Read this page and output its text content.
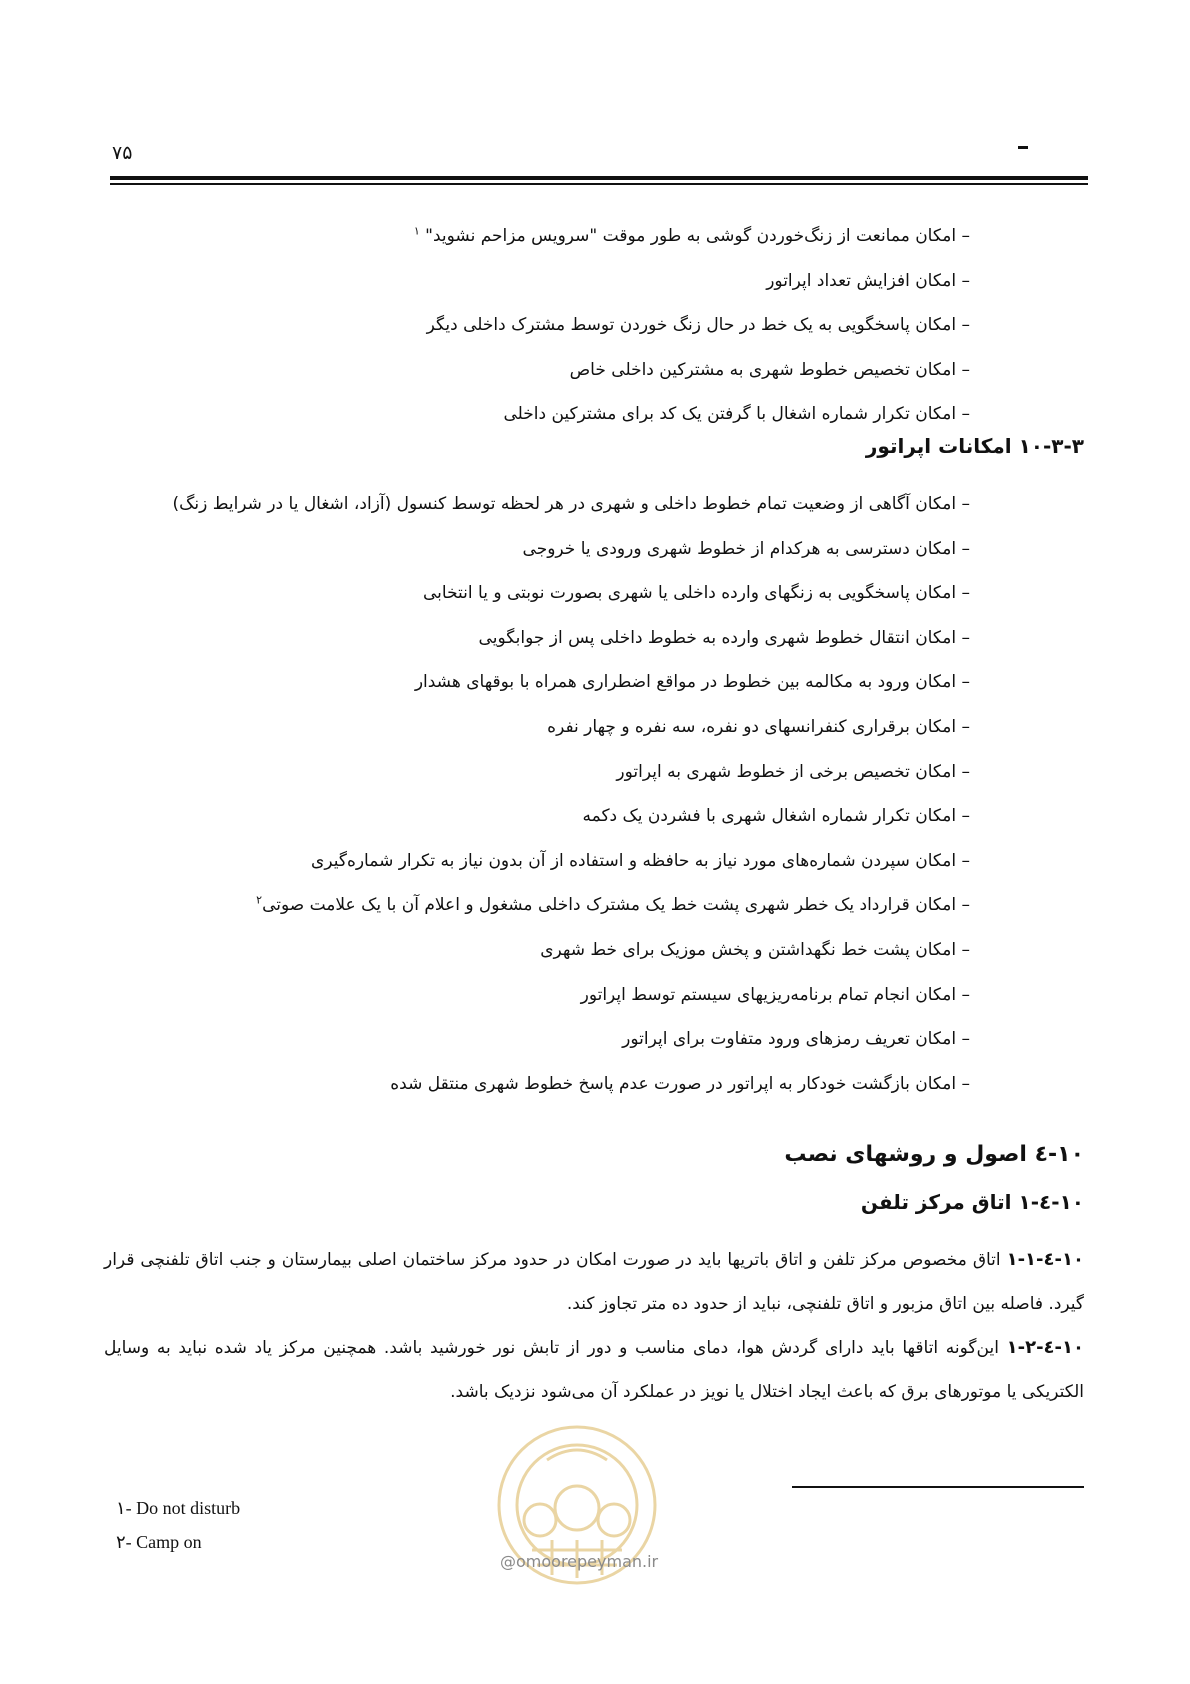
۷۵
– امکان ممانعت از زنگ‌خوردن گوشی به طور موقت "سرویس مزاحم نشوید" $^۱$
– امکان افزایش تعداد اپراتور
– امکان پاسخگویی به یک خط در حال زنگ خوردن توسط مشترک داخلی دیگر
– امکان تخصیص خطوط شهری به مشترکین داخلی خاص
– امکان تکرار شماره اشغال با گرفتن یک کد برای مشترکین داخلی
۱۰-۳-۳ امکانات اپراتور
– امکان آگاهی از وضعیت تمام خطوط داخلی و شهری در هر لحظه توسط کنسول (آزاد، اشغال یا در شرایط زنگ)
– امکان دسترسی به هرکدام از خطوط شهری ورودی یا خروجی
– امکان پاسخگویی به زنگهای وارده داخلی یا شهری بصورت نوبتی و یا انتخابی
– امکان انتقال خطوط شهری وارده به خطوط داخلی پس از جوابگویی
– امکان ورود به مکالمه بین خطوط در مواقع اضطراری همراه با بوقهای هشدار
– امکان برقراری کنفرانسهای دو نفره، سه نفره و چهار نفره
– امکان تخصیص برخی از خطوط شهری به اپراتور
– امکان تکرار شماره اشغال شهری با فشردن یک دکمه
– امکان سپردن شماره‌های مورد نیاز به حافظه و استفاده از آن بدون نیاز به تکرار شماره‌گیری
– امکان قرارداد یک خطر شهری پشت خط یک مشترک داخلی مشغول و اعلام آن با یک علامت صوتی$^۲$
– امکان پشت خط نگهداشتن و پخش موزیک برای خط شهری
– امکان انجام تمام برنامه‌ریزیهای سیستم توسط اپراتور
– امکان تعریف رمزهای ورود متفاوت برای اپراتور
– امکان بازگشت خودکار به اپراتور در صورت عدم پاسخ خطوط شهری منتقل شده
۱۰-٤ اصول و روشهای نصب
۱۰-٤-۱ اتاق مرکز تلفن
۱۰-٤-۱-۱ اتاق مخصوص مرکز تلفن و اتاق باتریها باید در صورت امکان در حدود مرکز ساختمان اصلی بیمارستان و جنب اتاق تلفنچی قرار گیرد. فاصله بین اتاق مزبور و اتاق تلفنچی، نباید از حدود ده متر تجاوز کند.
۱۰-٤-۱-۲ این‌گونه اتاقها باید دارای گردش هوا، دمای مناسب و دور از تابش نور خورشید باشد. همچنین مرکز یاد شده نباید به وسایل الکتریکی یا موتورهای برق که باعث ایجاد اختلال یا نویز در عملکرد آن می‌شود نزدیک باشد.
@omoorepeyman.ir
۱- Do not disturb
۲- Camp on
